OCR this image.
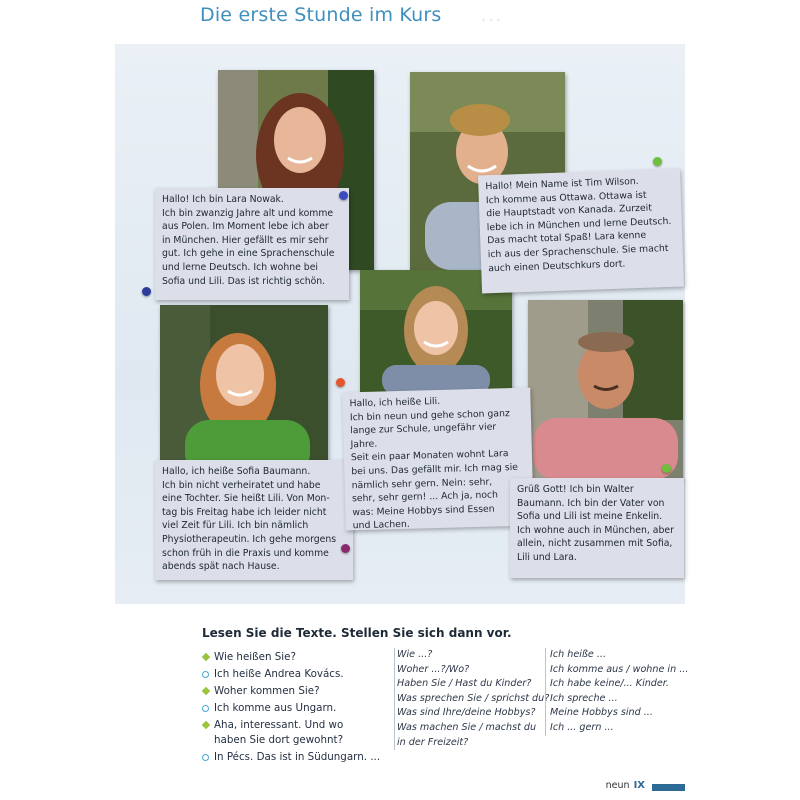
…
Die erste Stunde im Kurs
Hallo! Ich bin Lara Nowak.
Ich bin zwanzig Jahre alt und komme
aus Polen. Im Moment lebe ich aber
in München. Hier gefällt es mir sehr
gut. Ich gehe in eine Sprachenschule
und lerne Deutsch. Ich wohne bei
Sofia und Lili. Das ist richtig schön.
Hallo! Mein Name ist Tim Wilson.
Ich komme aus Ottawa. Ottawa ist
die Hauptstadt von Kanada. Zurzeit
lebe ich in München und lerne Deutsch.
Das macht total Spaß! Lara kenne
ich aus der Sprachenschule. Sie macht
auch einen Deutschkurs dort.
Hallo, ich heiße Sofia Baumann.
Ich bin nicht verheiratet und habe
eine Tochter. Sie heißt Lili. Von Mon-
tag bis Freitag habe ich leider nicht
viel Zeit für Lili. Ich bin nämlich
Physiotherapeutin. Ich gehe morgens
schon früh in die Praxis und komme
abends spät nach Hause.
Hallo, ich heiße Lili.
Ich bin neun und gehe schon ganz
lange zur Schule, ungefähr vier Jahre.
Seit ein paar Monaten wohnt Lara
bei uns. Das gefällt mir. Ich mag sie
nämlich sehr gern. Nein: sehr,
sehr, sehr gern! ... Ach ja, noch
was: Meine Hobbys sind Essen
und Lachen.
Grüß Gott! Ich bin Walter
Baumann. Ich bin der Vater von
Sofia und Lili ist meine Enkelin.
Ich wohne auch in München, aber
allein, nicht zusammen mit Sofia,
Lili und Lara.
Lesen Sie die Texte. Stellen Sie sich dann vor.
Wie heißen Sie?
Ich heiße Andrea Kovács.
Woher kommen Sie?
Ich komme aus Ungarn.
Aha, interessant. Und wo haben Sie dort gewohnt?
In Pécs. Das ist in Südungarn. ...
Wie ...?
Woher ...?/Wo?
Haben Sie / Hast du Kinder?
Was sprechen Sie / sprichst du?
Was sind Ihre/deine Hobbys?
Was machen Sie / machst du
in der Freizeit?
Ich heiße ...
Ich komme aus / wohne in ...
Ich habe keine/... Kinder.
Ich spreche ...
Meine Hobbys sind ...
Ich ... gern ...
neun IX
